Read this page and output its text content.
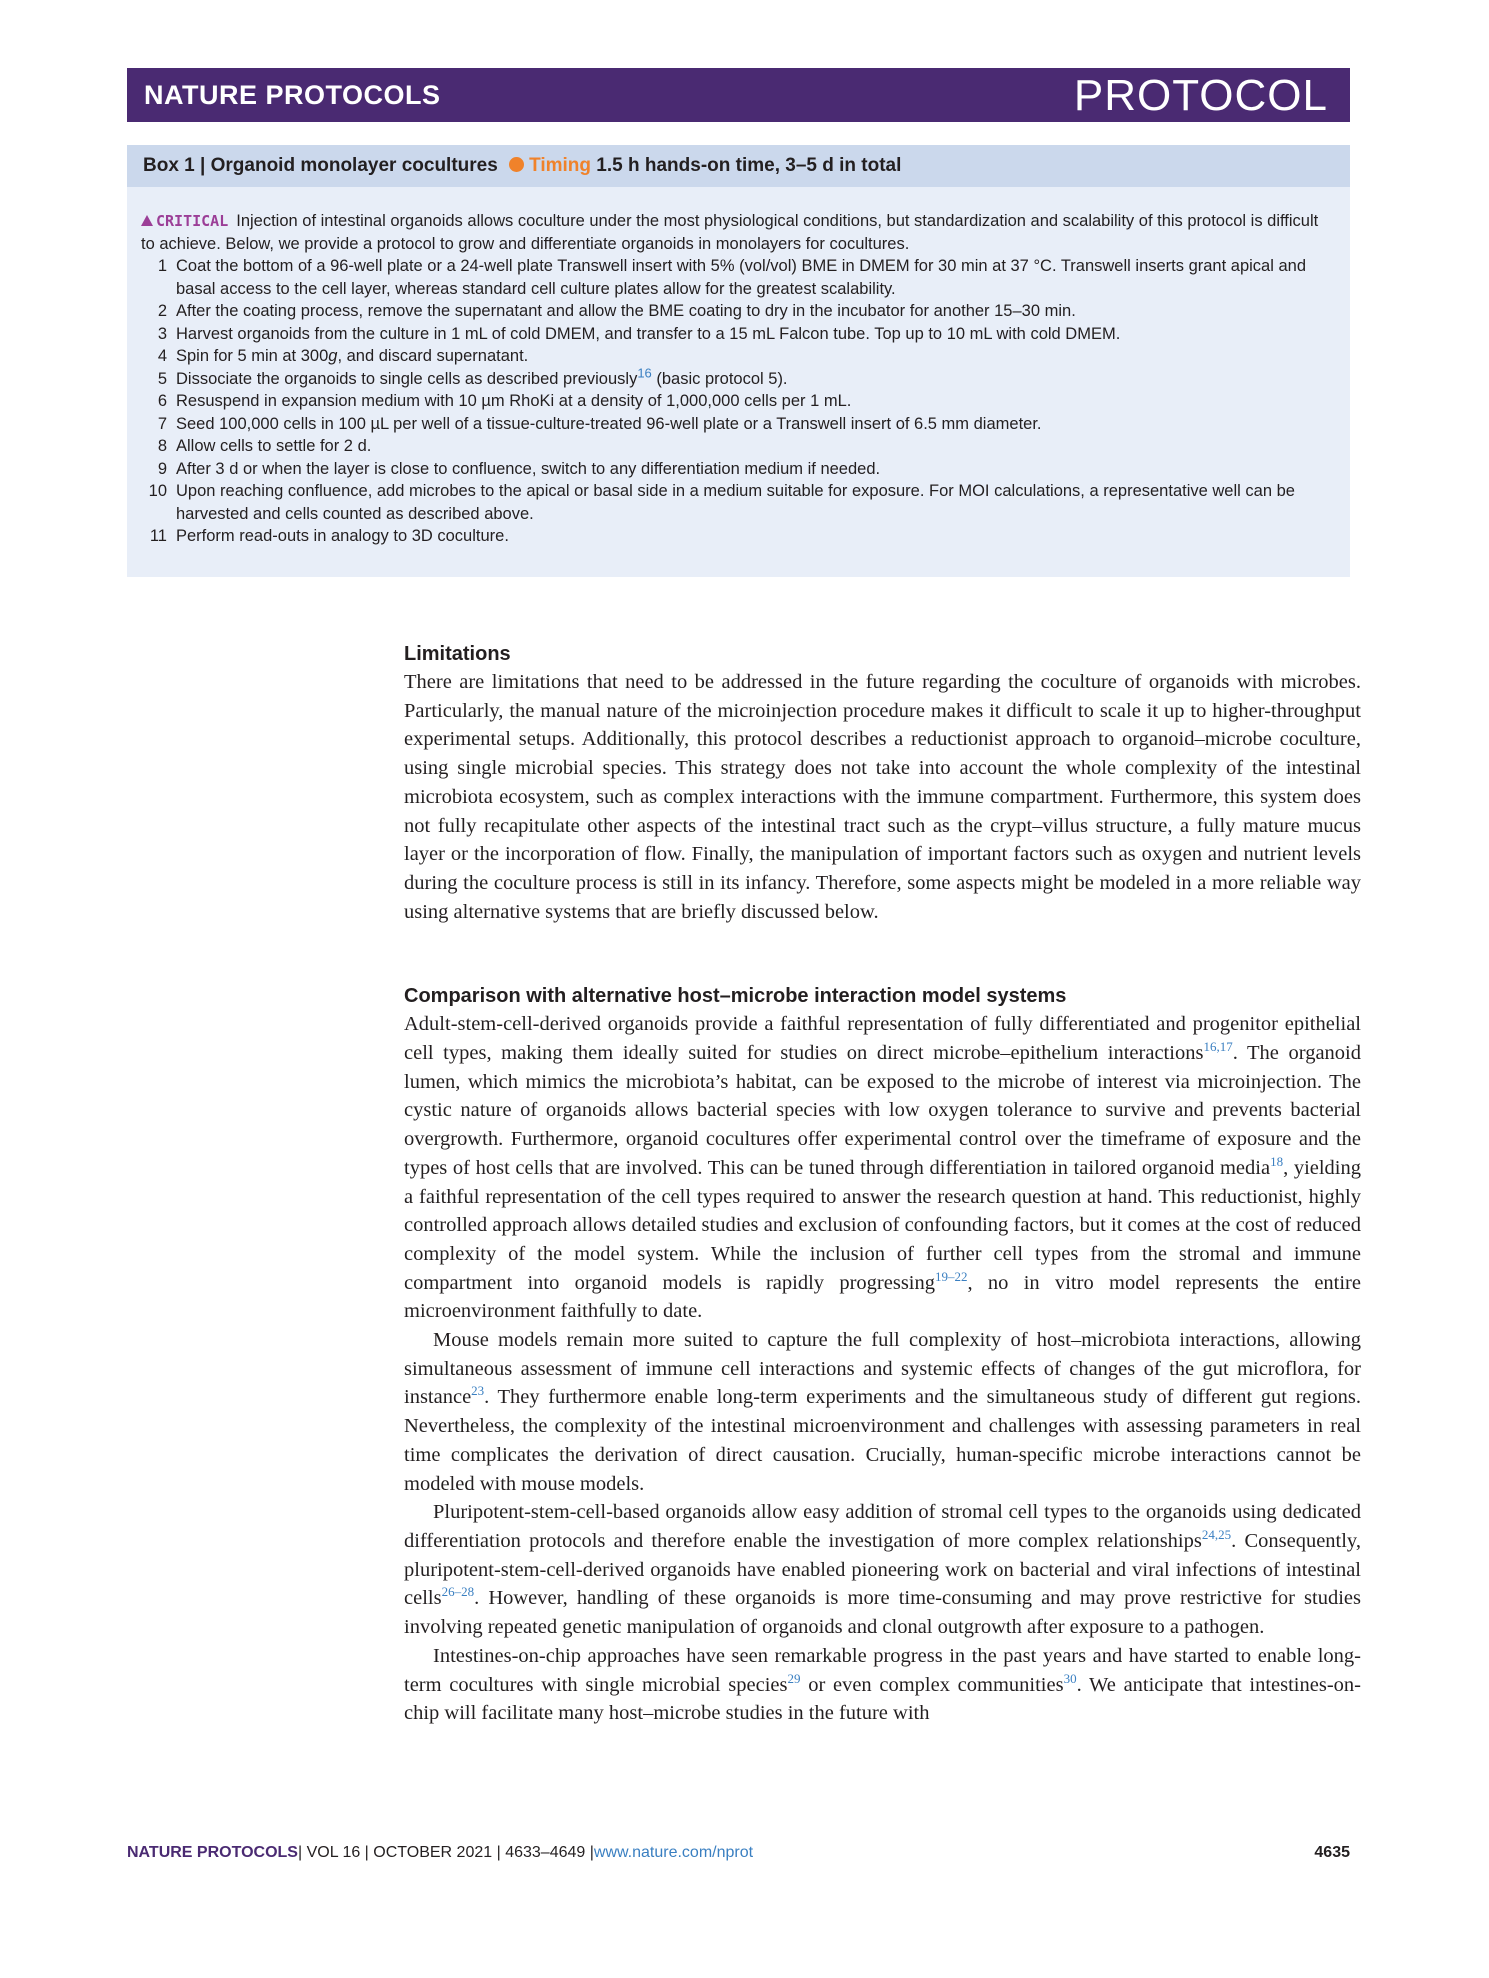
NATURE PROTOCOLS	PROTOCOL
Box 1 | Organoid monolayer cocultures Timing 1.5 h hands-on time, 3–5 d in total
CRITICAL Injection of intestinal organoids allows coculture under the most physiological conditions, but standardization and scalability of this protocol is difficult to achieve. Below, we provide a protocol to grow and differentiate organoids in monolayers for cocultures.
1 Coat the bottom of a 96-well plate or a 24-well plate Transwell insert with 5% (vol/vol) BME in DMEM for 30 min at 37 °C. Transwell inserts grant apical and basal access to the cell layer, whereas standard cell culture plates allow for the greatest scalability.
2 After the coating process, remove the supernatant and allow the BME coating to dry in the incubator for another 15–30 min.
3 Harvest organoids from the culture in 1 mL of cold DMEM, and transfer to a 15 mL Falcon tube. Top up to 10 mL with cold DMEM.
4 Spin for 5 min at 300g, and discard supernatant.
5 Dissociate the organoids to single cells as described previously$^{16}$ (basic protocol 5).
6 Resuspend in expansion medium with 10 µm RhoKi at a density of 1,000,000 cells per 1 mL.
7 Seed 100,000 cells in 100 µL per well of a tissue-culture-treated 96-well plate or a Transwell insert of 6.5 mm diameter.
8 Allow cells to settle for 2 d.
9 After 3 d or when the layer is close to confluence, switch to any differentiation medium if needed.
10 Upon reaching confluence, add microbes to the apical or basal side in a medium suitable for exposure. For MOI calculations, a representative well can be harvested and cells counted as described above.
11 Perform read-outs in analogy to 3D coculture.
Limitations

There are limitations that need to be addressed in the future regarding the coculture of organoids with microbes. Particularly, the manual nature of the microinjection procedure makes it difficult to scale it up to higher-throughput experimental setups. Additionally, this protocol describes a reductionist approach to organoid–microbe coculture, using single microbial species. This strategy does not take into account the whole complexity of the intestinal microbiota ecosystem, such as complex interactions with the immune compartment. Furthermore, this system does not fully recapitulate other aspects of the intestinal tract such as the crypt–villus structure, a fully mature mucus layer or the incorporation of flow. Finally, the manipulation of important factors such as oxygen and nutrient levels during the coculture process is still in its infancy. Therefore, some aspects might be modeled in a more reliable way using alternative systems that are briefly discussed below.

Comparison with alternative host–microbe interaction model systems

Adult-stem-cell-derived organoids provide a faithful representation of fully differentiated and progenitor epithelial cell types, making them ideally suited for studies on direct microbe–epithelium interactions$^{16,17}$. The organoid lumen, which mimics the microbiota’s habitat, can be exposed to the microbe of interest via microinjection. The cystic nature of organoids allows bacterial species with low oxygen tolerance to survive and prevents bacterial overgrowth. Furthermore, organoid cocultures offer experimental control over the timeframe of exposure and the types of host cells that are involved. This can be tuned through differentiation in tailored organoid media$^{18}$, yielding a faithful representation of the cell types required to answer the research question at hand. This reductionist, highly controlled approach allows detailed studies and exclusion of confounding factors, but it comes at the cost of reduced complexity of the model system. While the inclusion of further cell types from the stromal and immune compartment into organoid models is rapidly progressing$^{19-22}$, no in vitro model represents the entire microenvironment faithfully to date.

Mouse models remain more suited to capture the full complexity of host–microbiota interactions, allowing simultaneous assessment of immune cell interactions and systemic effects of changes of the gut microflora, for instance$^{23}$. They furthermore enable long-term experiments and the simultaneous study of different gut regions. Nevertheless, the complexity of the intestinal microenvironment and challenges with assessing parameters in real time complicates the derivation of direct causation. Crucially, human-specific microbe interactions cannot be modeled with mouse models.

Pluripotent-stem-cell-based organoids allow easy addition of stromal cell types to the organoids using dedicated differentiation protocols and therefore enable the investigation of more complex relationships$^{24,25}$. Consequently, pluripotent-stem-cell-derived organoids have enabled pioneering work on bacterial and viral infections of intestinal cells$^{26-28}$. However, handling of these organoids is more time-consuming and may prove restrictive for studies involving repeated genetic manipulation of organoids and clonal outgrowth after exposure to a pathogen.

Intestines-on-chip approaches have seen remarkable progress in the past years and have started to enable long-term cocultures with single microbial species$^{29}$ or even complex communities$^{30}$. We anticipate that intestines-on-chip will facilitate many host–microbe studies in the future with

NATURE PROTOCOLS| VOL 16 | OCTOBER 2021 | 4633–4649 |www.nature.com/nprot	4635
